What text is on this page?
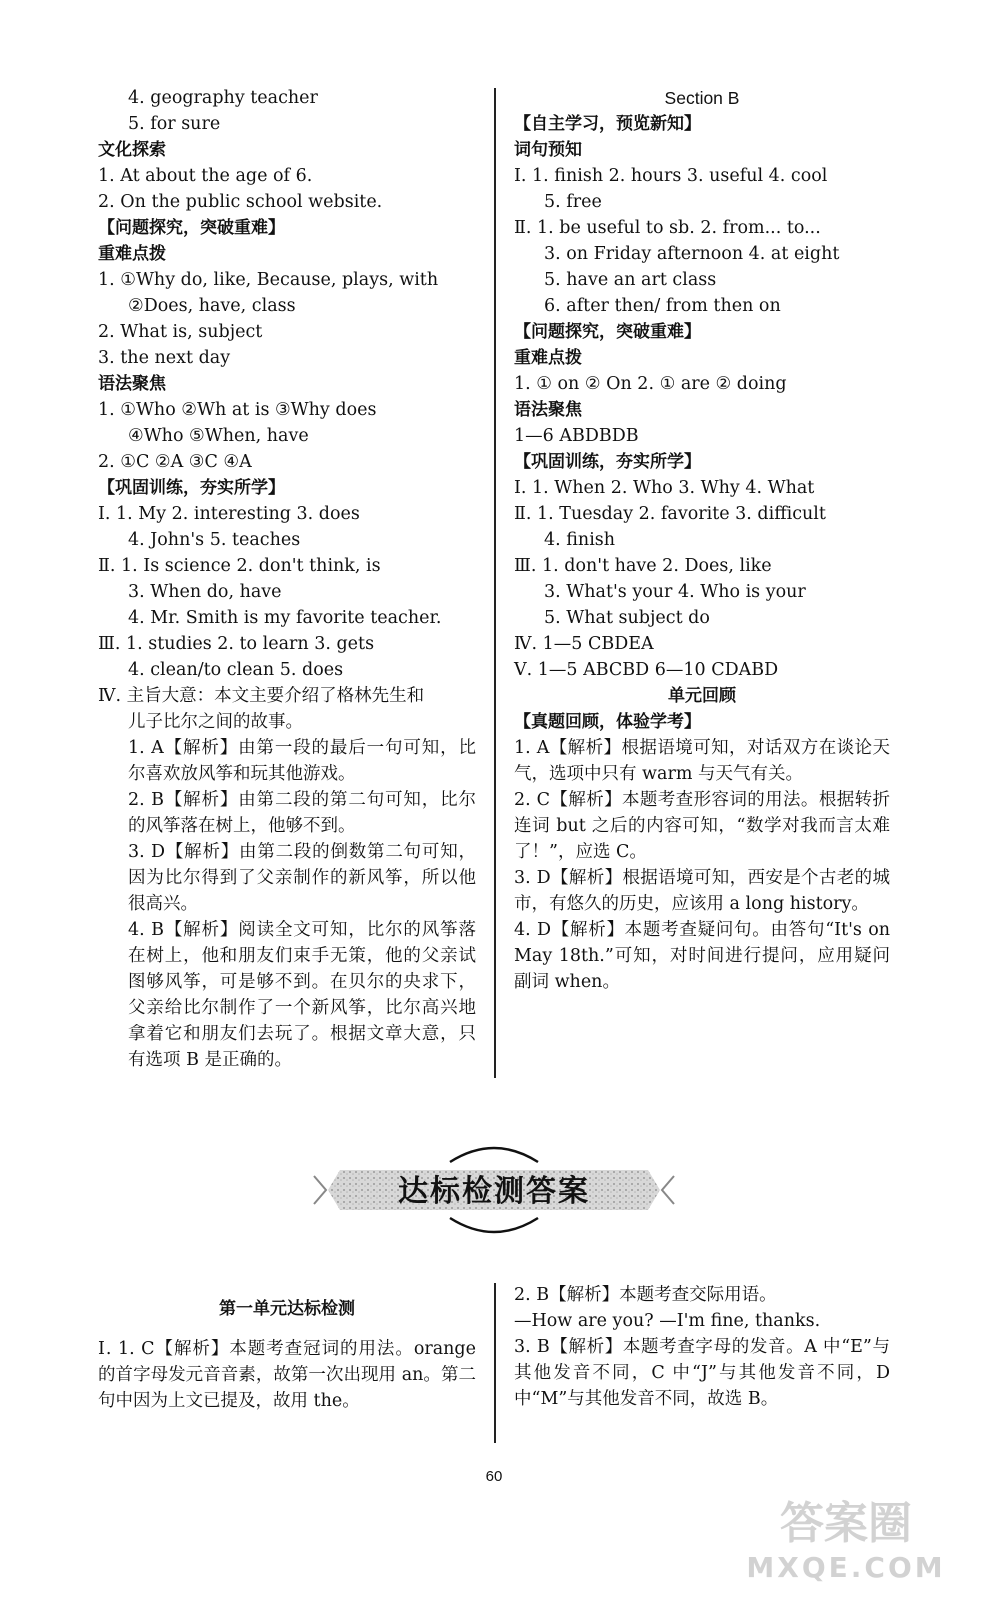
4. geography teacher
5. for sure
文化探索
1. At about the age of 6.
2. On the public school website.
【问题探究，突破重难】
重难点拨
1. ①Why do, like, Because, plays, with
②Does, have, class
2. What is, subject
3. the next day
语法聚焦
1. ①Who ②Wh at is ③Why does
④Who ⑤When, have
2. ①C ②A ③C ④A
【巩固训练，夯实所学】
Ⅰ. 1. My 2. interesting 3. does
4. John's 5. teaches
Ⅱ. 1. Is science 2. don't think, is
3. When do, have
4. Mr. Smith is my favorite teacher.
Ⅲ. 1. studies 2. to learn 3. gets
4. clean/to clean 5. does
Ⅳ. 主旨大意：本文主要介绍了格林先生和
儿子比尔之间的故事。
1. A【解析】由第一段的最后一句可知，比尔喜欢放风筝和玩其他游戏。
2. B【解析】由第二段的第二句可知，比尔的风筝落在树上，他够不到。
3. D【解析】由第二段的倒数第二句可知，因为比尔得到了父亲制作的新风筝，所以他很高兴。
4. B【解析】阅读全文可知，比尔的风筝落在树上，他和朋友们束手无策，他的父亲试图够风筝，可是够不到。在贝尔的央求下，父亲给比尔制作了一个新风筝，比尔高兴地拿着它和朋友们去玩了。根据文章大意，只有选项 B 是正确的。
Section B
【自主学习，预览新知】
词句预知
Ⅰ. 1. finish 2. hours 3. useful 4. cool
5. free
Ⅱ. 1. be useful to sb. 2. from... to...
3. on Friday afternoon 4. at eight
5. have an art class
6. after then/ from then on
【问题探究，突破重难】
重难点拨
1. ① on ② On 2. ① are ② doing
语法聚焦
1—6 ABDBDB
【巩固训练，夯实所学】
Ⅰ. 1. When 2. Who 3. Why 4. What
Ⅱ. 1. Tuesday 2. favorite 3. difficult
4. finish
Ⅲ. 1. don't have 2. Does, like
3. What's your 4. Who is your
5. What subject do
Ⅳ. 1—5 CBDEA
Ⅴ. 1—5 ABCBD 6—10 CDABD
单元回顾
【真题回顾，体验学考】
1. A【解析】根据语境可知，对话双方在谈论天气，选项中只有 warm 与天气有关。
2. C【解析】本题考查形容词的用法。根据转折连词 but 之后的内容可知，“数学对我而言太难了！”，应选 C。
3. D【解析】根据语境可知，西安是个古老的城市，有悠久的历史，应该用 a long history。
4. D【解析】本题考查疑问句。由答句“It's on May 18th.”可知，对时间进行提问，应用疑问副词 when。
达标检测答案
第一单元达标检测
Ⅰ. 1. C【解析】本题考查冠词的用法。orange 的首字母发元音音素，故第一次出现用 an。第二句中因为上文已提及，故用 the。
2. B【解析】本题考查交际用语。
—How are you? —I'm fine, thanks.
3. B【解析】本题考查字母的发音。A 中“E”与其他发音不同，C 中“J”与其他发音不同，D 中“M”与其他发音不同，故选 B。
60
答案圈
MXQE.COM
